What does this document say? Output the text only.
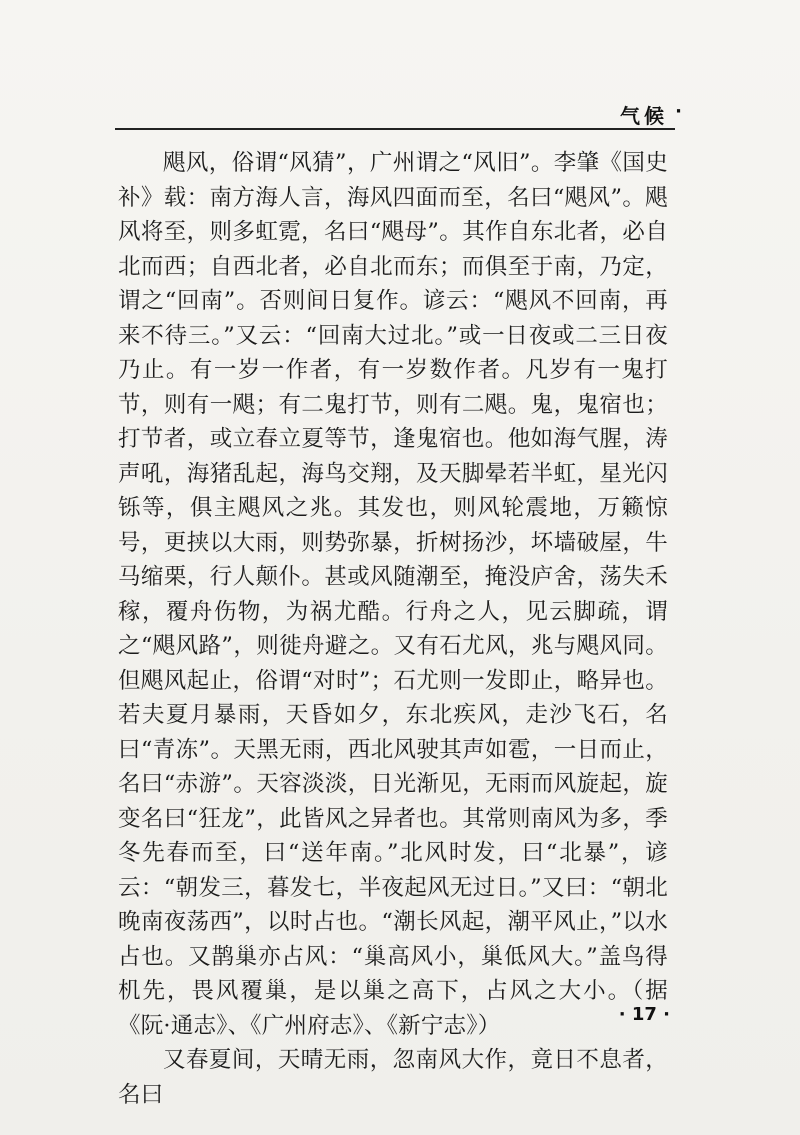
气候 ·

飓风，俗谓“风猜”，广州谓之“风旧”。李肇《国史补》载：南方海人言，海风四面而至，名曰“飓风”。飓风将至，则多虹霓，名曰“飓母”。其作自东北者，必自北而西；自西北者，必自北而东；而俱至于南，乃定，谓之“回南”。否则间日复作。谚云：“飓风不回南，再来不待三。”又云：“回南大过北。”或一日夜或二三日夜乃止。有一岁一作者，有一岁数作者。凡岁有一鬼打节，则有一飓；有二鬼打节，则有二飓。鬼，鬼宿也；打节者，或立春立夏等节，逢鬼宿也。他如海气腥，涛声吼，海猪乱起，海鸟交翔，及天脚晕若半虹，星光闪铄等，俱主飓风之兆。其发也，则风轮震地，万籁惊号，更挟以大雨，则势弥暴，折树扬沙，坏墙破屋，牛马缩栗，行人颠仆。甚或风随潮至，掩没庐舍，荡失禾稼，覆舟伤物，为祸尤酷。行舟之人，见云脚疏，谓之“飓风路”，则徙舟避之。又有石尤风，兆与飓风同。但飓风起止，俗谓“对时”；石尤则一发即止，略异也。若夫夏月暴雨，天昏如夕，东北疾风，走沙飞石，名曰“青冻”。天黑无雨，西北风驶其声如雹，一日而止，名曰“赤游”。天容淡淡，日光渐见，无雨而风旋起，旋变名曰“狂龙”，此皆风之异者也。其常则南风为多，季冬先春而至，曰“送年南。”北风时发，曰“北暴”，谚云：“朝发三，暮发七，半夜起风无过日。”又曰：“朝北晚南夜荡西”，以时占也。“潮长风起，潮平风止，”以水占也。又鹊巢亦占风：“巢高风小，巢低风大。”盖鸟得机先，畏风覆巢，是以巢之高下，占风之大小。（据《阮·通志》、《广州府志》、《新宁志》）

又春夏间，天晴无雨，忽南风大作，竟日不息者，名曰

· 17 ·
